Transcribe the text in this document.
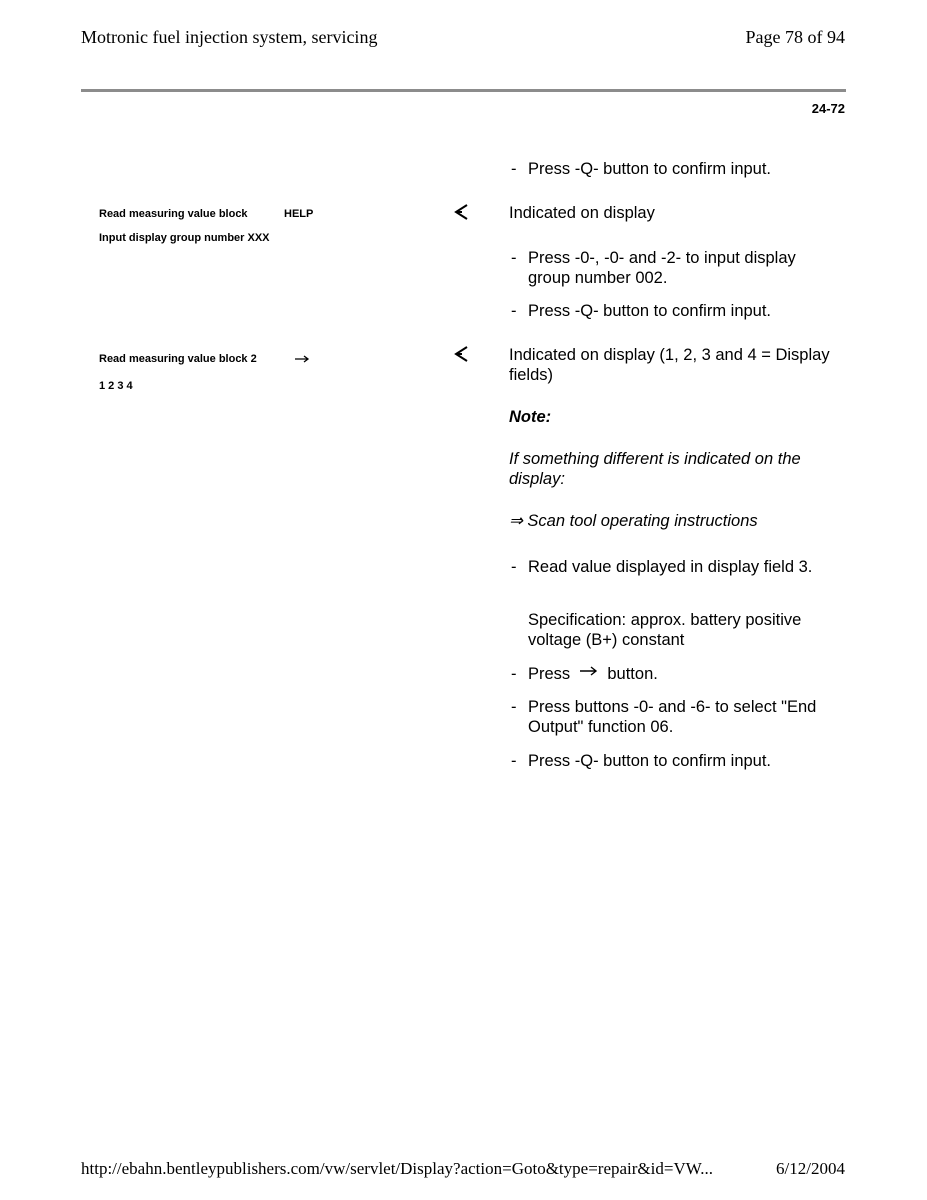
Motronic fuel injection system, servicing	Page 78 of 94
24-72
- Press -Q- button to confirm input.
Read measuring value block	HELP
Input display group number XXX
Indicated on display
- Press -0-, -0- and -2- to input display group number 002.
- Press -Q- button to confirm input.
Read measuring value block 2
1 2 3 4
Indicated on display (1, 2, 3 and 4 = Display fields)
Note:
If something different is indicated on the display:
⇒ Scan tool operating instructions
- Read value displayed in display field 3.
Specification: approx. battery positive voltage (B+) constant
- Press button.
- Press buttons -0- and -6- to select "End Output" function 06.
- Press -Q- button to confirm input.
http://ebahn.bentleypublishers.com/vw/servlet/Display?action=Goto&type=repair&id=VW...	6/12/2004
